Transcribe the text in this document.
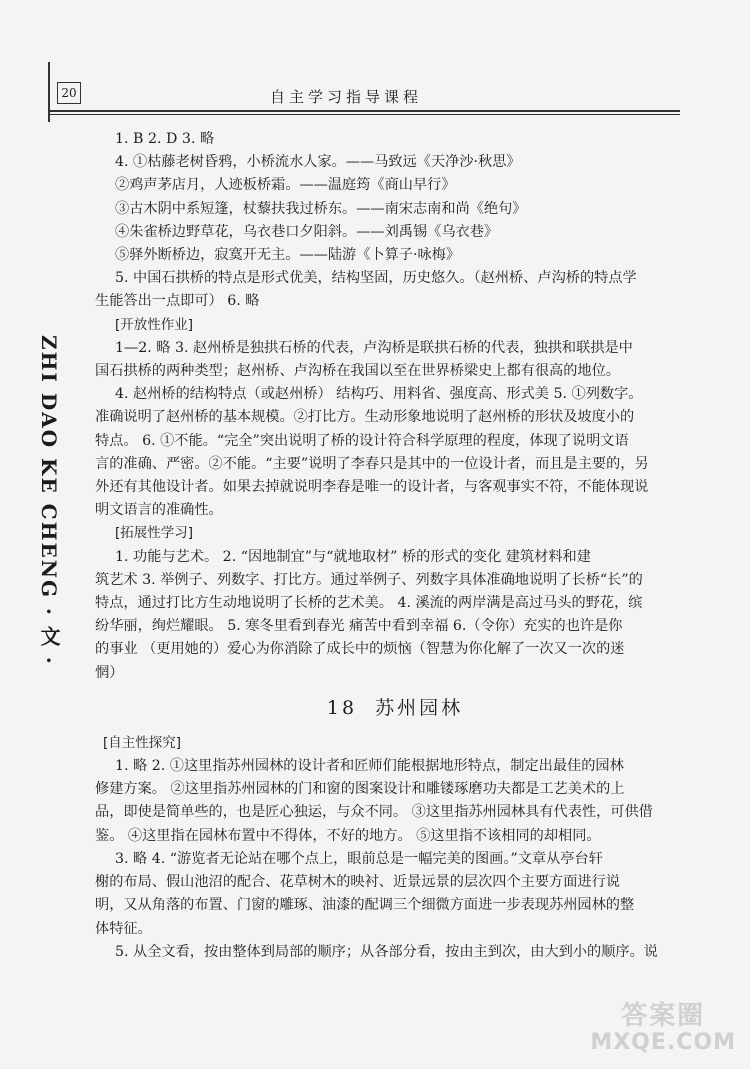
20	自主学习指导课程
ZHI DAO KE CHENG · 文 ·
1. B 2. D 3. 略
4. ①枯藤老树昏鸦，小桥流水人家。——马致远《天净沙·秋思》
②鸡声茅店月，人迹板桥霜。——温庭筠《商山早行》
③古木阴中系短篷，杖藜扶我过桥东。——南宋志南和尚《绝句》
④朱雀桥边野草花，乌衣巷口夕阳斜。——刘禹锡《乌衣巷》
⑤驿外断桥边，寂寞开无主。——陆游《卜算子·咏梅》
5. 中国石拱桥的特点是形式优美，结构坚固，历史悠久。（赵州桥、卢沟桥的特点学
生能答出一点即可） 6. 略
[开放性作业]
1—2. 略 3. 赵州桥是独拱石桥的代表，卢沟桥是联拱石桥的代表，独拱和联拱是中
国石拱桥的两种类型；赵州桥、卢沟桥在我国以至在世界桥梁史上都有很高的地位。
4. 赵州桥的结构特点（或赵州桥） 结构巧、用料省、强度高、形式美 5. ①列数字。
准确说明了赵州桥的基本规模。②打比方。生动形象地说明了赵州桥的形状及坡度小的
特点。 6. ①不能。“完全”突出说明了桥的设计符合科学原理的程度，体现了说明文语
言的准确、严密。②不能。“主要”说明了李春只是其中的一位设计者，而且是主要的，另
外还有其他设计者。如果去掉就说明李春是唯一的设计者，与客观事实不符，不能体现说
明文语言的准确性。
[拓展性学习]
1. 功能与艺术。 2. “因地制宜”与“就地取材” 桥的形式的变化 建筑材料和建
筑艺术 3. 举例子、列数字、打比方。通过举例子、列数字具体准确地说明了长桥“长”的
特点，通过打比方生动地说明了长桥的艺术美。 4. 溪流的两岸满是高过马头的野花，缤
纷华丽，绚烂耀眼。 5. 寒冬里看到春光 痛苦中看到幸福 6.（令你）充实的也许是你
的事业 （更用她的）爱心为你消除了成长中的烦恼（智慧为你化解了一次又一次的迷
惘）
18 苏州园林
[自主性探究]
1. 略 2. ①这里指苏州园林的设计者和匠师们能根据地形特点，制定出最佳的园林
修建方案。 ②这里指苏州园林的门和窗的图案设计和雕镂琢磨功夫都是工艺美术的上
品，即使是简单些的，也是匠心独运，与众不同。 ③这里指苏州园林具有代表性，可供借
鉴。 ④这里指在园林布置中不得体，不好的地方。 ⑤这里指不该相同的却相同。
3. 略 4. “游览者无论站在哪个点上，眼前总是一幅完美的图画。”文章从亭台轩
榭的布局、假山池沼的配合、花草树木的映衬、近景远景的层次四个主要方面进行说
明，又从角落的布置、门窗的雕琢、油漆的配调三个细微方面进一步表现苏州园林的整
体特征。
5. 从全文看，按由整体到局部的顺序；从各部分看，按由主到次，由大到小的顺序。说
答案圈
MXQE.COM
